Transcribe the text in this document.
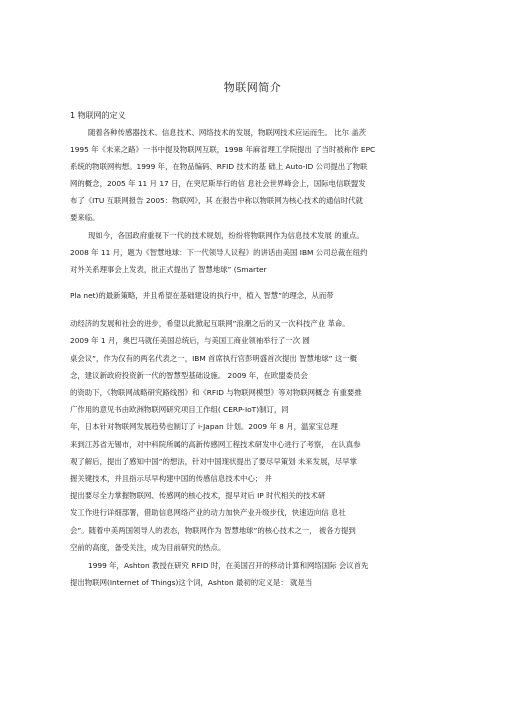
物联网简介
1 物联网的定义
随着各种传感器技术、信息技术、网络技术的发展，物联网技术应运而生。 比尔 盖茨
1995 年《未来之路》一书中提及物联网互联，1998 年麻省理工学院提出 了当时被称作 EPC
系统的物联网构想。1999 年，在物品编码、RFID 技术的基 础上 Auto-ID 公司提出了物联
网的概念，2005 年 11 月 17 日，在突尼斯举行的信 息社会世界峰会上，国际电信联盟发
布了《ITU 互联网报告 2005：物联网》，其 在报告中称以物联网为核心技术的通信时代就
要来临。
现如今，各国政府重视下一代的技术规划，纷纷将物联网作为信息技术发展 的重点。
2008 年 11 月，题为《智慧地球：下一代领导人议程》的讲话由美国 IBM 公司总裁在纽约
对外关系理事会上发表，批正式提出了 智慧地球” (Smarter
Pla net)的最新策略，并且希望在基础建设的执行中，植入 智慧”的理念，从而带
动经济的发展和社会的进步，希望以此掀起互联网”浪潮之后的又一次科技产业 革命。
2009 年 1 月，奥巴马就任美国总统后，与美国工商业领袖举行了一次 圆
桌会议”，作为仅有的两名代表之一，IBM 首席执行官彭明盛首次提出 智慧地球” 这一概
念，建议新政府投资新一代的智慧型基础设施。 2009 年，在欧盟委员会
的资助下，《物联网战略研究路线图》和《RFID 与物联网模型》等对物联网概念 有重要推
广作用的意见书由欧洲物联网研究项目工作组( CERP-IoT)制订，同
年，日本针对物联网发展趋势也制订了 i-Japan 计划。2009 年 8 月，温家宝总理
来到江苏省无锡市，对中科院所属的高新传感网工程技术研发中心进行了考察， 在认真参
观了解后，提出了感知中国”的想法，针对中国现状提出了要尽早策划 未来发展，尽早掌
握关键技术，并且指示尽早构建中国的传感信息技术中心； 并
提出要尽全力掌握物联网、传感网的核心技术，提早对后 IP 时代相关的技术研
发工作进行详细部署，借助信息网络产业的动力加快产业升级步伐，快速迈向信 息社
会”。随着中美两国领导人的表态，物联网作为 智慧地球”的核心技术之一， 被各方提到
空前的高度，备受关注，成为目前研究的热点。
1999 年，Ashton 教授在研究 RFID 时，在美国召开的移动计算和网络国际 会议首先
提出物联网(Internet of Things)这个词，Ashton 最初的定义是： 就是当
